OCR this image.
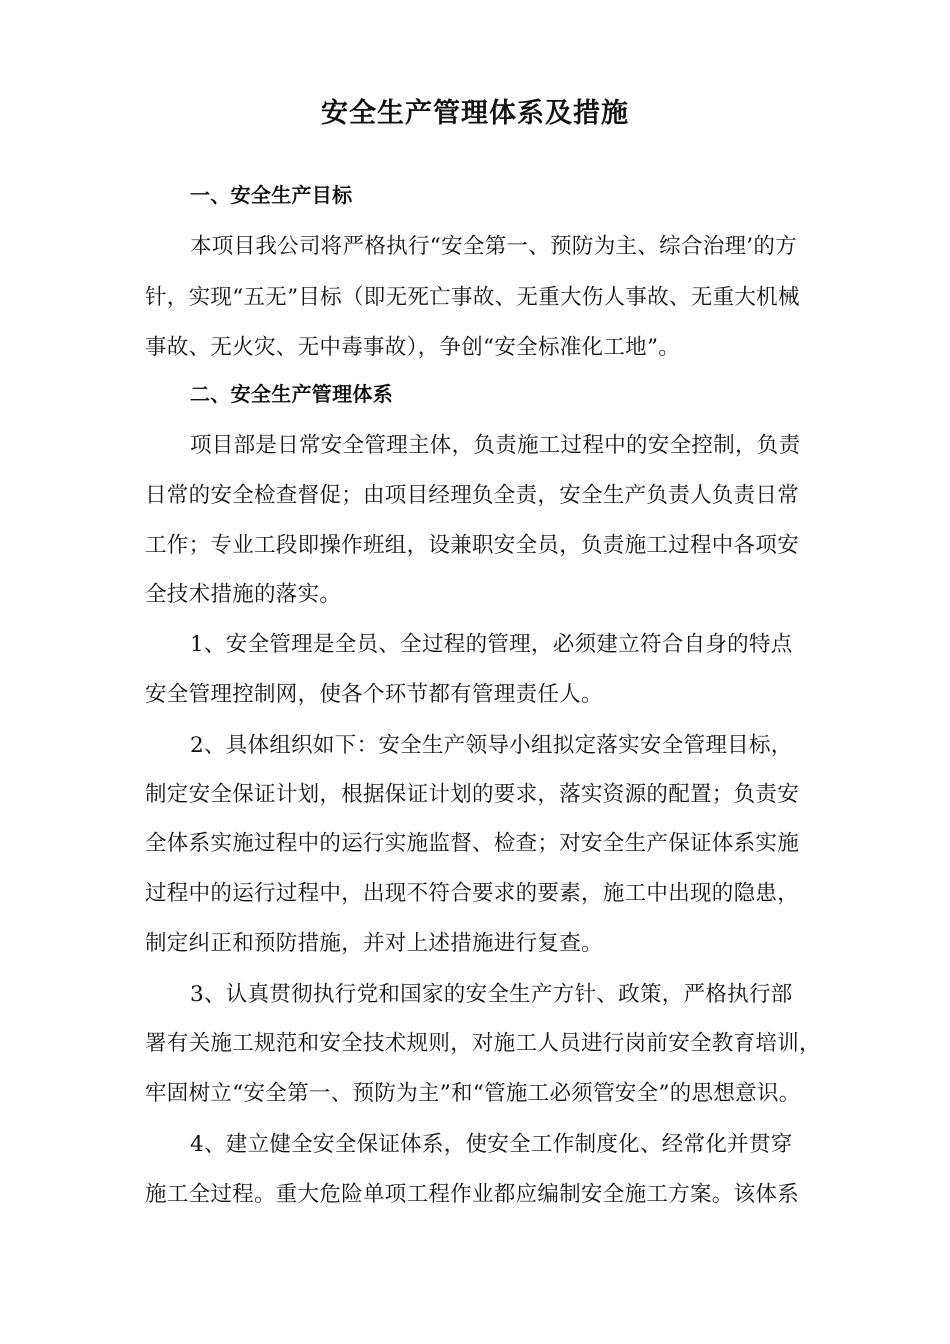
安全生产管理体系及措施
一、安全生产目标
本项目我公司将严格执行“安全第一、预防为主、综合治理’的方
针，实现“五无”目标（即无死亡事故、无重大伤人事故、无重大机械
事故、无火灾、无中毒事故），争创“安全标准化工地”。
二、安全生产管理体系
项目部是日常安全管理主体，负责施工过程中的安全控制，负责
日常的安全检查督促；由项目经理负全责，安全生产负责人负责日常
工作；专业工段即操作班组，设兼职安全员，负责施工过程中各项安
全技术措施的落实。
1、安全管理是全员、全过程的管理，必须建立符合自身的特点
安全管理控制网，使各个环节都有管理责任人。
2、具体组织如下：安全生产领导小组拟定落实安全管理目标，
制定安全保证计划，根据保证计划的要求，落实资源的配置；负责安
全体系实施过程中的运行实施监督、检查；对安全生产保证体系实施
过程中的运行过程中，出现不符合要求的要素，施工中出现的隐患，
制定纠正和预防措施，并对上述措施进行复查。
3、认真贯彻执行党和国家的安全生产方针、政策，严格执行部
署有关施工规范和安全技术规则，对施工人员进行岗前安全教育培训，
牢固树立“安全第一、预防为主”和“管施工必须管安全”的思想意识。
4、建立健全安全保证体系，使安全工作制度化、经常化并贯穿
施工全过程。重大危险单项工程作业都应编制安全施工方案。该体系
